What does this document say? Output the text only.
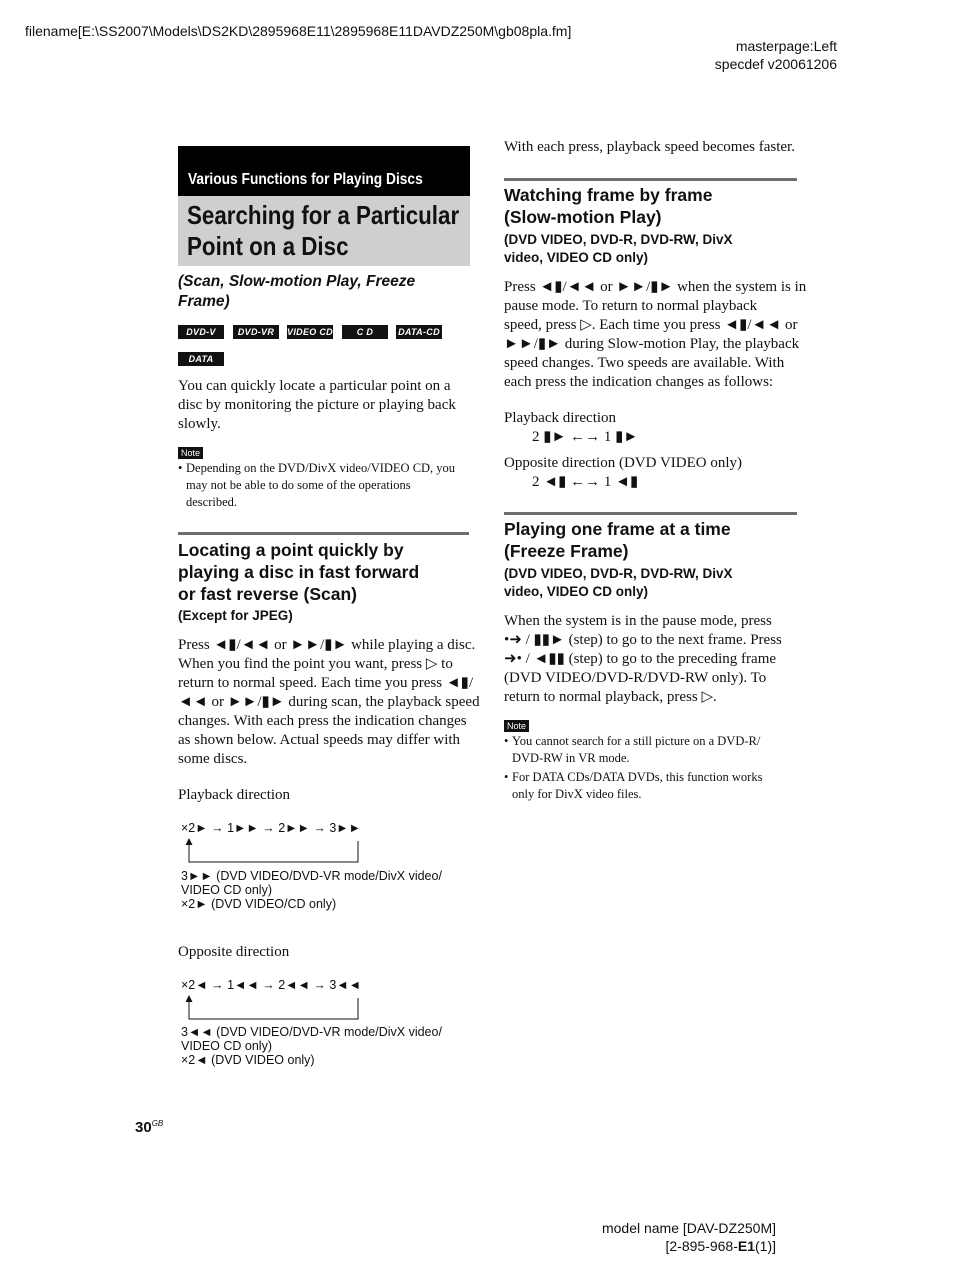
filename[E:\SS2007\Models\DS2KD\2895968E11\2895968E11DAVDZ250M\gb08pla.fm]
masterpage:Left
specdef v20061206
Various Functions for Playing Discs
Searching for a Particular
Point on a Disc
(Scan, Slow-motion Play, Freeze
Frame)
DVD-V	DVD-VR	VIDEO CD	C D	DATA-CD
DATA DVD
You can quickly locate a particular point on a
disc by monitoring the picture or playing back
slowly.
Note
• Depending on the DVD/DivX video/VIDEO CD, you
may not be able to do some of the operations
described.
Locating a point quickly by
playing a disc in fast forward
or fast reverse (Scan)
(Except for JPEG)
Press ◄▮/◄◄ or ►►/▮► while playing a disc.
When you find the point you want, press ▷ to
return to normal speed. Each time you press ◄▮/
◄◄ or ►►/▮► during scan, the playback speed
changes. With each press the indication changes
as shown below. Actual speeds may differ with
some discs.
Playback direction
×2► → 1►► → 2►► → 3►►
3►► (DVD VIDEO/DVD-VR mode/DivX video/
VIDEO CD only)
×2► (DVD VIDEO/CD only)
Opposite direction
×2◄ → 1◄◄ → 2◄◄ → 3◄◄
3◄◄ (DVD VIDEO/DVD-VR mode/DivX video/
VIDEO CD only)
×2◄ (DVD VIDEO only)
$30^{GB}$
With each press, playback speed becomes faster.
Watching frame by frame
(Slow-motion Play)
(DVD VIDEO, DVD-R, DVD-RW, DivX
video, VIDEO CD only)
Press ◄▮/◄◄ or ►►/▮► when the system is in
pause mode. To return to normal playback
speed, press ▷. Each time you press ◄▮/◄◄ or
►►/▮► during Slow-motion Play, the playback
speed changes. Two speeds are available. With
each press the indication changes as follows:
Playback direction
2 ▮► ←→ 1 ▮►
Opposite direction (DVD VIDEO only)
2 ◄▮ ←→ 1 ◄▮
Playing one frame at a time
(Freeze Frame)
(DVD VIDEO, DVD-R, DVD-RW, DivX
video, VIDEO CD only)
When the system is in the pause mode, press
•➜ / ▮▮► (step) to go to the next frame. Press
➜• / ◄▮▮ (step) to go to the preceding frame
(DVD VIDEO/DVD-R/DVD-RW only). To
return to normal playback, press ▷.
Note
• You cannot search for a still picture on a DVD-R/
DVD-RW in VR mode.
• For DATA CDs/DATA DVDs, this function works
only for DivX video files.
model name [DAV-DZ250M]
[2-895-968-E1(1)]
